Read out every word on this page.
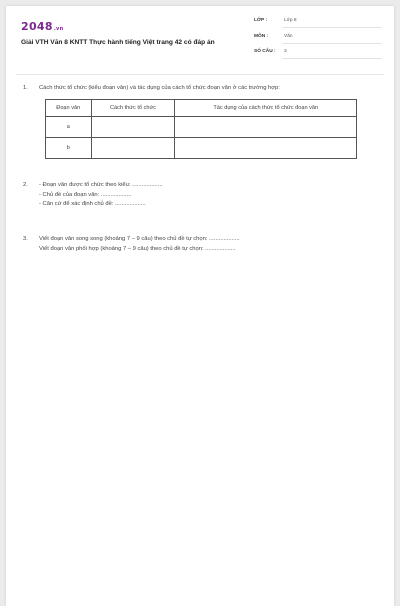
2048.vn
Giải VTH Văn 8 KNTT Thực hành tiếng Việt trang 42 có đáp án
LỚP :	Lớp 8
MÔN :	Văn
SỐ CÂU : 3
1. Cách thức tổ chức (kiểu đoạn văn) và tác dụng của cách tổ chức đoạn văn ở các trường hợp:
Đoạn văn	Cách thức tổ chức	Tác dụng của cách thức tổ chức đoạn văn
a		
b		
2. - Đoạn văn được tổ chức theo kiểu: ...................
- Chủ đề của đoạn văn: ...................
- Căn cứ để xác định chủ đề: ...................
3. Viết đoạn văn song song (khoảng 7 – 9 câu) theo chủ đề tự chọn: ...................
Viết đoạn văn phối hợp (khoảng 7 – 9 câu) theo chủ đề tự chọn: ...................
